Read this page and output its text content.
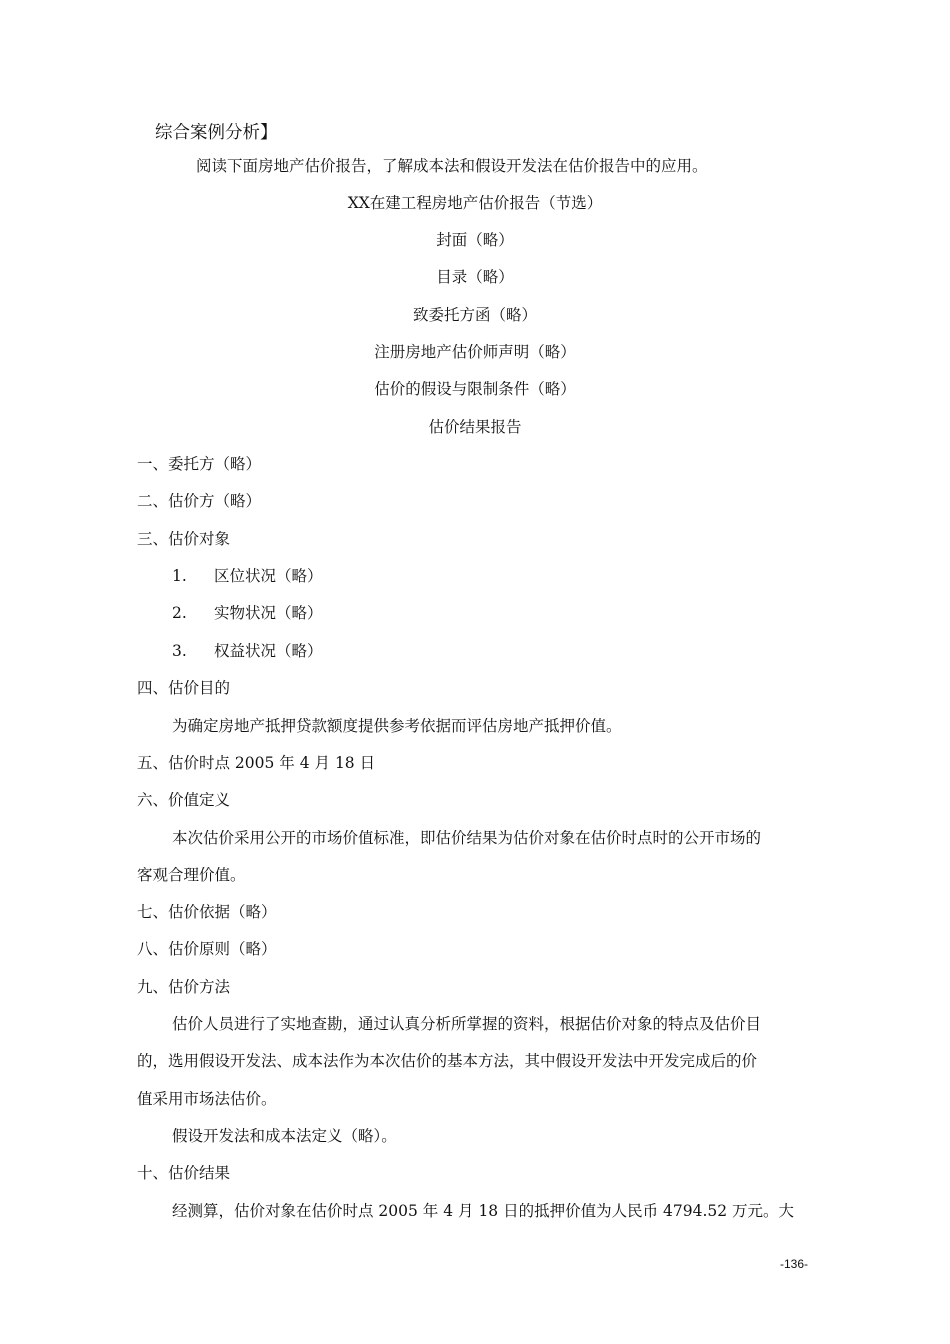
综合案例分析】
阅读下面房地产估价报告，了解成本法和假设开发法在估价报告中的应用。
XX在建工程房地产估价报告（节选）
封面（略）
目录（略）
致委托方函（略）
注册房地产估价师声明（略）
估价的假设与限制条件（略）
估价结果报告
一、委托方（略）
二、估价方（略）
三、估价对象
1. 区位状况（略）
2. 实物状况（略）
3. 权益状况（略）
四、估价目的
为确定房地产抵押贷款额度提供参考依据而评估房地产抵押价值。
五、估价时点 2005 年 4 月 18 日
六、价值定义
本次估价采用公开的市场价值标准，即估价结果为估价对象在估价时点时的公开市场的
客观合理价值。
七、估价依据（略）
八、估价原则（略）
九、估价方法
估价人员进行了实地查勘，通过认真分析所掌握的资料，根据估价对象的特点及估价目
的，选用假设开发法、成本法作为本次估价的基本方法，其中假设开发法中开发完成后的价
值采用市场法估价。
假设开发法和成本法定义（略）。
十、估价结果
经测算，估价对象在估价时点 2005 年 4 月 18 日的抵押价值为人民币 4794.52 万元。大
-136-
